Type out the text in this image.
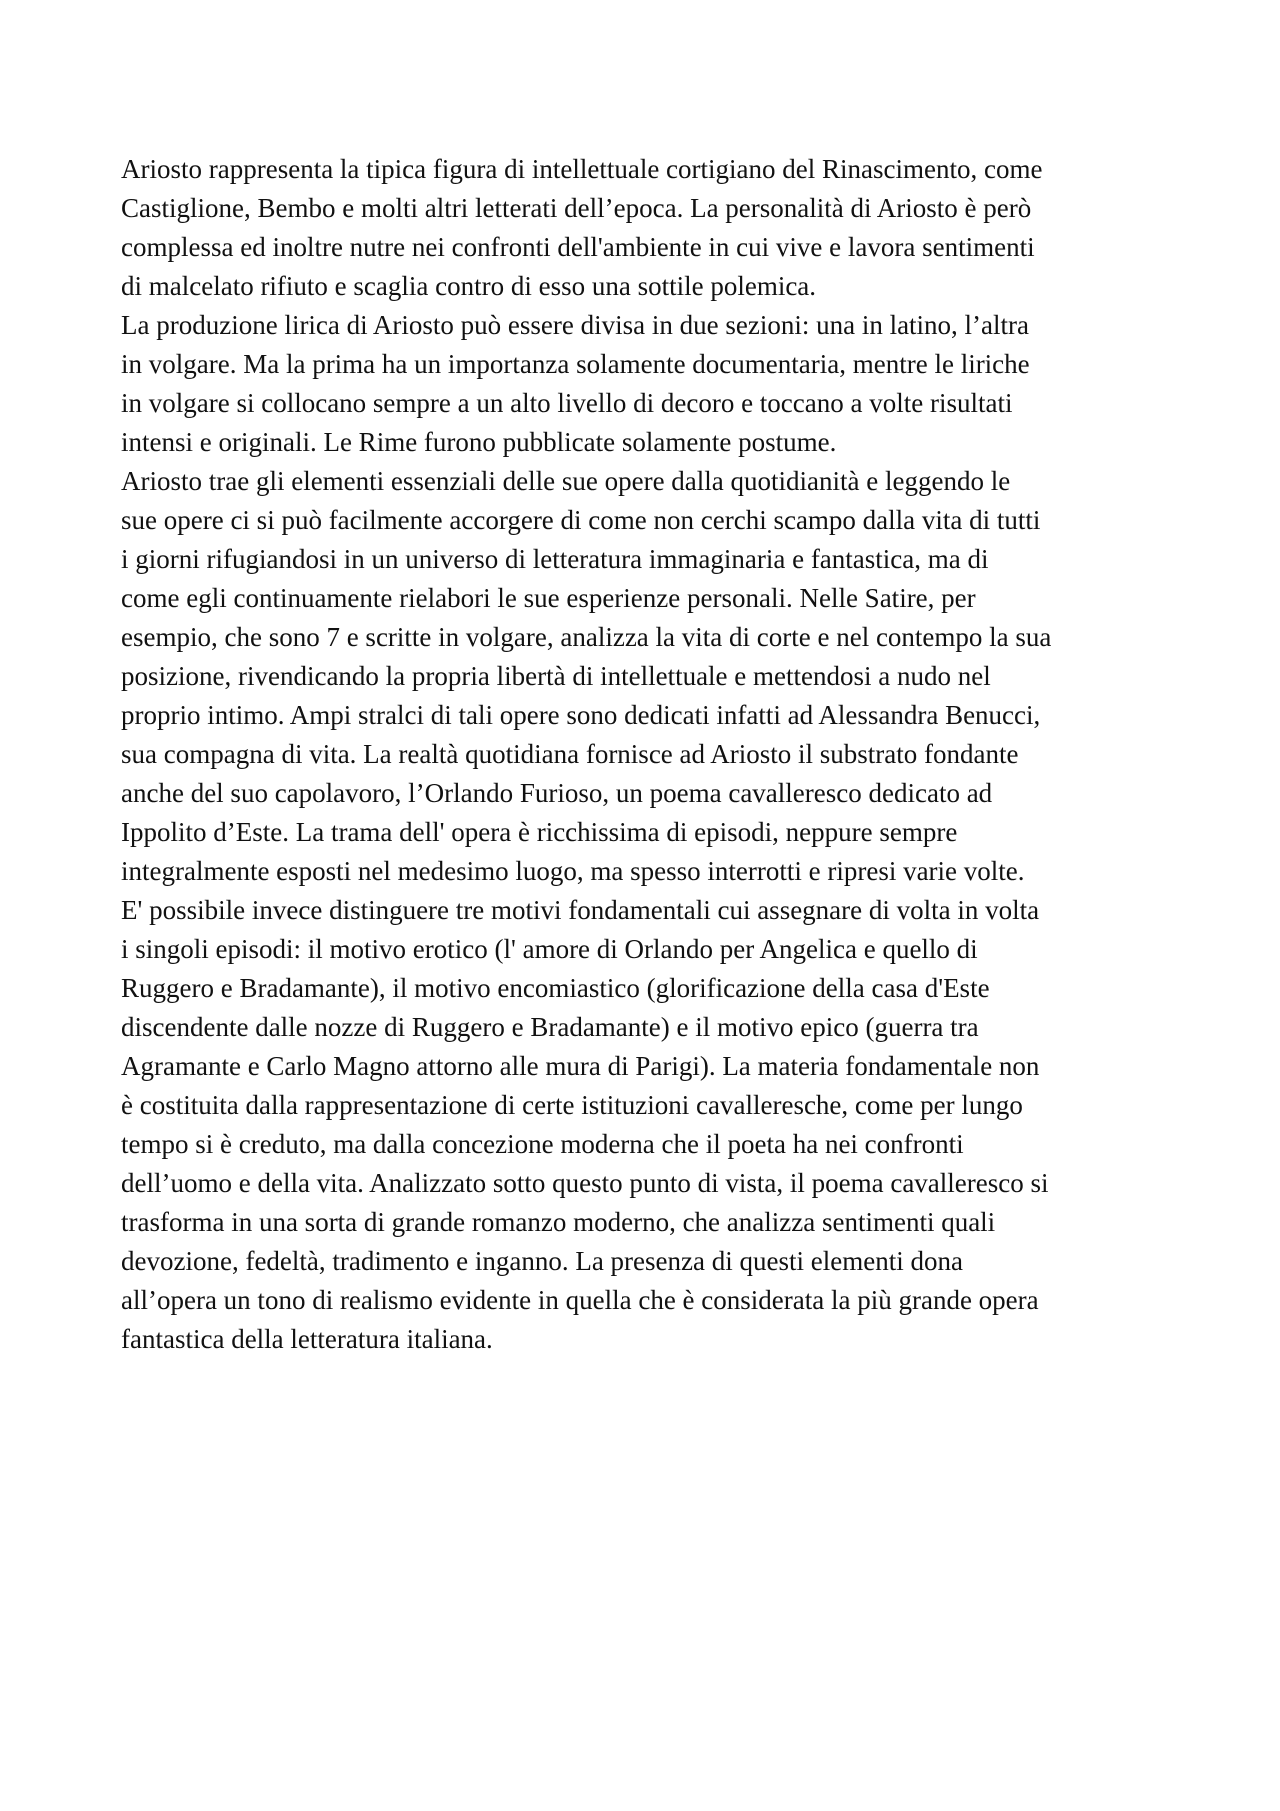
Ariosto rappresenta la tipica figura di intellettuale cortigiano del Rinascimento, come
Castiglione, Bembo e molti altri letterati dell’epoca. La personalità di Ariosto è però
complessa ed inoltre nutre nei confronti dell'ambiente in cui vive e lavora sentimenti
di malcelato rifiuto e scaglia contro di esso una sottile polemica.
La produzione lirica di Ariosto può essere divisa in due sezioni: una in latino, l’altra
in volgare. Ma la prima ha un importanza solamente documentaria, mentre le liriche
in volgare si collocano sempre a un alto livello di decoro e toccano a volte risultati
intensi e originali. Le Rime furono pubblicate solamente postume.
Ariosto trae gli elementi essenziali delle sue opere dalla quotidianità e leggendo le
sue opere ci si può facilmente accorgere di come non cerchi scampo dalla vita di tutti
i giorni rifugiandosi in un universo di letteratura immaginaria e fantastica, ma di
come egli continuamente rielabori le sue esperienze personali. Nelle Satire, per
esempio, che sono 7 e scritte in volgare, analizza la vita di corte e nel contempo la sua
posizione, rivendicando la propria libertà di intellettuale e mettendosi a nudo nel
proprio intimo. Ampi stralci di tali opere sono dedicati infatti ad Alessandra Benucci,
sua compagna di vita. La realtà quotidiana fornisce ad Ariosto il substrato fondante
anche del suo capolavoro, l’Orlando Furioso, un poema cavalleresco dedicato ad
Ippolito d’Este. La trama dell' opera è ricchissima di episodi, neppure sempre
integralmente esposti nel medesimo luogo, ma spesso interrotti e ripresi varie volte.
E' possibile invece distinguere tre motivi fondamentali cui assegnare di volta in volta
i singoli episodi: il motivo erotico (l' amore di Orlando per Angelica e quello di
Ruggero e Bradamante), il motivo encomiastico (glorificazione della casa d'Este
discendente dalle nozze di Ruggero e Bradamante) e il motivo epico (guerra tra
Agramante e Carlo Magno attorno alle mura di Parigi). La materia fondamentale non
è costituita dalla rappresentazione di certe istituzioni cavalleresche, come per lungo
tempo si è creduto, ma dalla concezione moderna che il poeta ha nei confronti
dell’uomo e della vita. Analizzato sotto questo punto di vista, il poema cavalleresco si
trasforma in una sorta di grande romanzo moderno, che analizza sentimenti quali
devozione, fedeltà, tradimento e inganno. La presenza di questi elementi dona
all’opera un tono di realismo evidente in quella che è considerata la più grande opera
fantastica della letteratura italiana.
